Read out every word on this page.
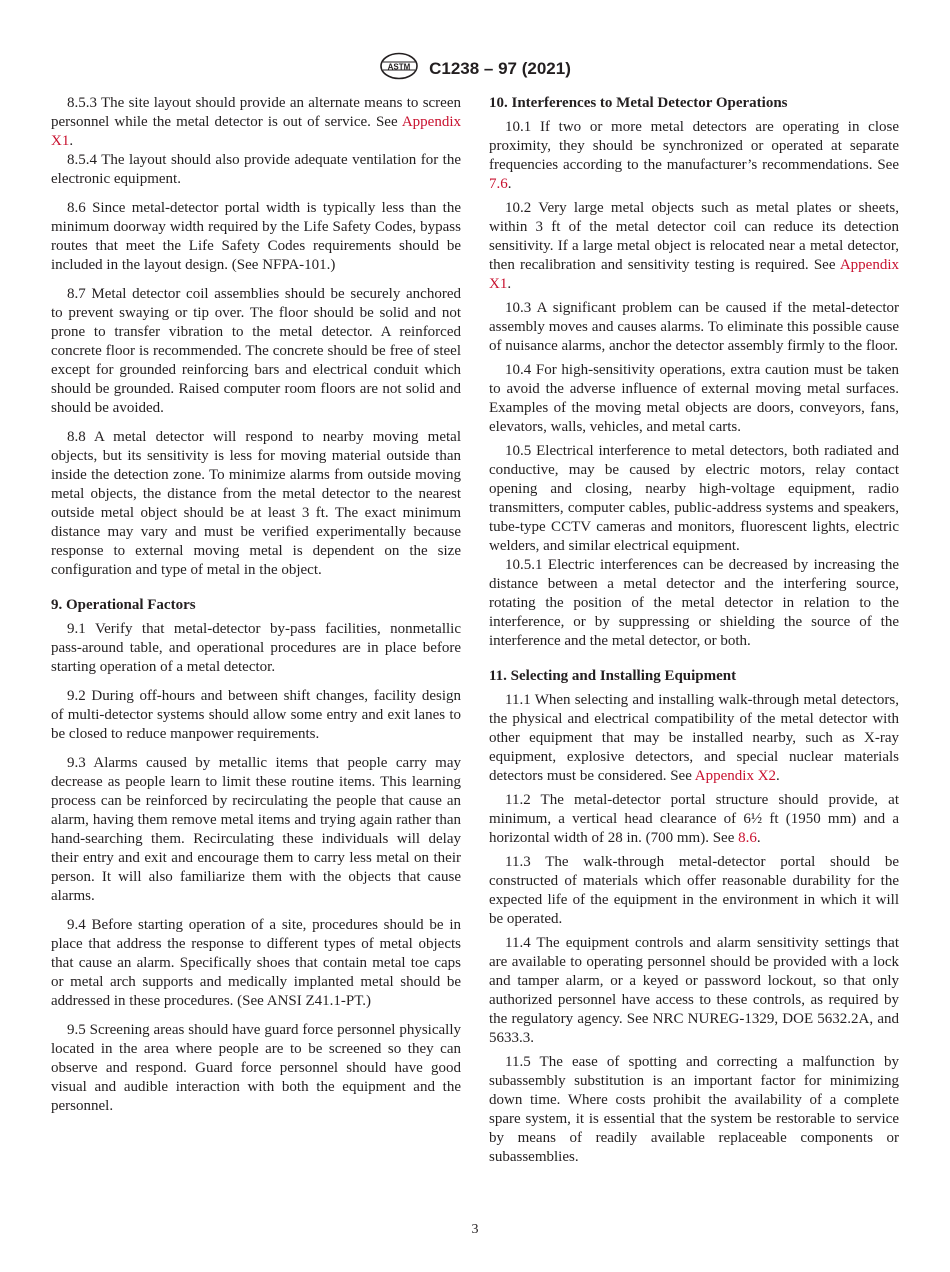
ASTM C1238 – 97 (2021)

8.5.3 The site layout should provide an alternate means to screen personnel while the metal detector is out of service. See Appendix X1.

8.5.4 The layout should also provide adequate ventilation for the electronic equipment.

8.6 Since metal-detector portal width is typically less than the minimum doorway width required by the Life Safety Codes, bypass routes that meet the Life Safety Codes requirements should be included in the layout design. (See NFPA-101.)

8.7 Metal detector coil assemblies should be securely anchored to prevent swaying or tip over. The floor should be solid and not prone to transfer vibration to the metal detector. A reinforced concrete floor is recommended. The concrete should be free of steel except for grounded reinforcing bars and electrical conduit which should be grounded. Raised computer room floors are not solid and should be avoided.

8.8 A metal detector will respond to nearby moving metal objects, but its sensitivity is less for moving material outside than inside the detection zone. To minimize alarms from outside moving metal objects, the distance from the metal detector to the nearest outside metal object should be at least 3 ft. The exact minimum distance may vary and must be verified experimentally because response to external moving metal is dependent on the size configuration and type of metal in the object.

9. Operational Factors

9.1 Verify that metal-detector by-pass facilities, nonmetallic pass-around table, and operational procedures are in place before starting operation of a metal detector.

9.2 During off-hours and between shift changes, facility design of multi-detector systems should allow some entry and exit lanes to be closed to reduce manpower requirements.

9.3 Alarms caused by metallic items that people carry may decrease as people learn to limit these routine items. This learning process can be reinforced by recirculating the people that cause an alarm, having them remove metal items and trying again rather than hand-searching them. Recirculating these individuals will delay their entry and exit and encourage them to carry less metal on their person. It will also familiarize them with the objects that cause alarms.

9.4 Before starting operation of a site, procedures should be in place that address the response to different types of metal objects that cause an alarm. Specifically shoes that contain metal toe caps or metal arch supports and medically implanted metal should be addressed in these procedures. (See ANSI Z41.1-PT.)

9.5 Screening areas should have guard force personnel physically located in the area where people are to be screened so they can observe and respond. Guard force personnel should have good visual and audible interaction with both the equipment and the personnel.

10. Interferences to Metal Detector Operations

10.1 If two or more metal detectors are operating in close proximity, they should be synchronized or operated at separate frequencies according to the manufacturer’s recommendations. See 7.6.

10.2 Very large metal objects such as metal plates or sheets, within 3 ft of the metal detector coil can reduce its detection sensitivity. If a large metal object is relocated near a metal detector, then recalibration and sensitivity testing is required. See Appendix X1.

10.3 A significant problem can be caused if the metal-detector assembly moves and causes alarms. To eliminate this possible cause of nuisance alarms, anchor the detector assembly firmly to the floor.

10.4 For high-sensitivity operations, extra caution must be taken to avoid the adverse influence of external moving metal surfaces. Examples of the moving metal objects are doors, conveyors, fans, elevators, walls, vehicles, and metal carts.

10.5 Electrical interference to metal detectors, both radiated and conductive, may be caused by electric motors, relay contact opening and closing, nearby high-voltage equipment, radio transmitters, computer cables, public-address systems and speakers, tube-type CCTV cameras and monitors, fluorescent lights, electric welders, and similar electrical equipment.

10.5.1 Electric interferences can be decreased by increasing the distance between a metal detector and the interfering source, rotating the position of the metal detector in relation to the interference, or by suppressing or shielding the source of the interference and the metal detector, or both.

11. Selecting and Installing Equipment

11.1 When selecting and installing walk-through metal detectors, the physical and electrical compatibility of the metal detector with other equipment that may be installed nearby, such as X-ray equipment, explosive detectors, and special nuclear materials detectors must be considered. See Appendix X2.

11.2 The metal-detector portal structure should provide, at minimum, a vertical head clearance of 6½ ft (1950 mm) and a horizontal width of 28 in. (700 mm). See 8.6.

11.3 The walk-through metal-detector portal should be constructed of materials which offer reasonable durability for the expected life of the equipment in the environment in which it will be operated.

11.4 The equipment controls and alarm sensitivity settings that are available to operating personnel should be provided with a lock and tamper alarm, or a keyed or password lockout, so that only authorized personnel have access to these controls, as required by the regulatory agency. See NRC NUREG-1329, DOE 5632.2A, and 5633.3.

11.5 The ease of spotting and correcting a malfunction by subassembly substitution is an important factor for minimizing down time. Where costs prohibit the availability of a complete spare system, it is essential that the system be restorable to service by means of readily available replaceable components or subassemblies.

3
